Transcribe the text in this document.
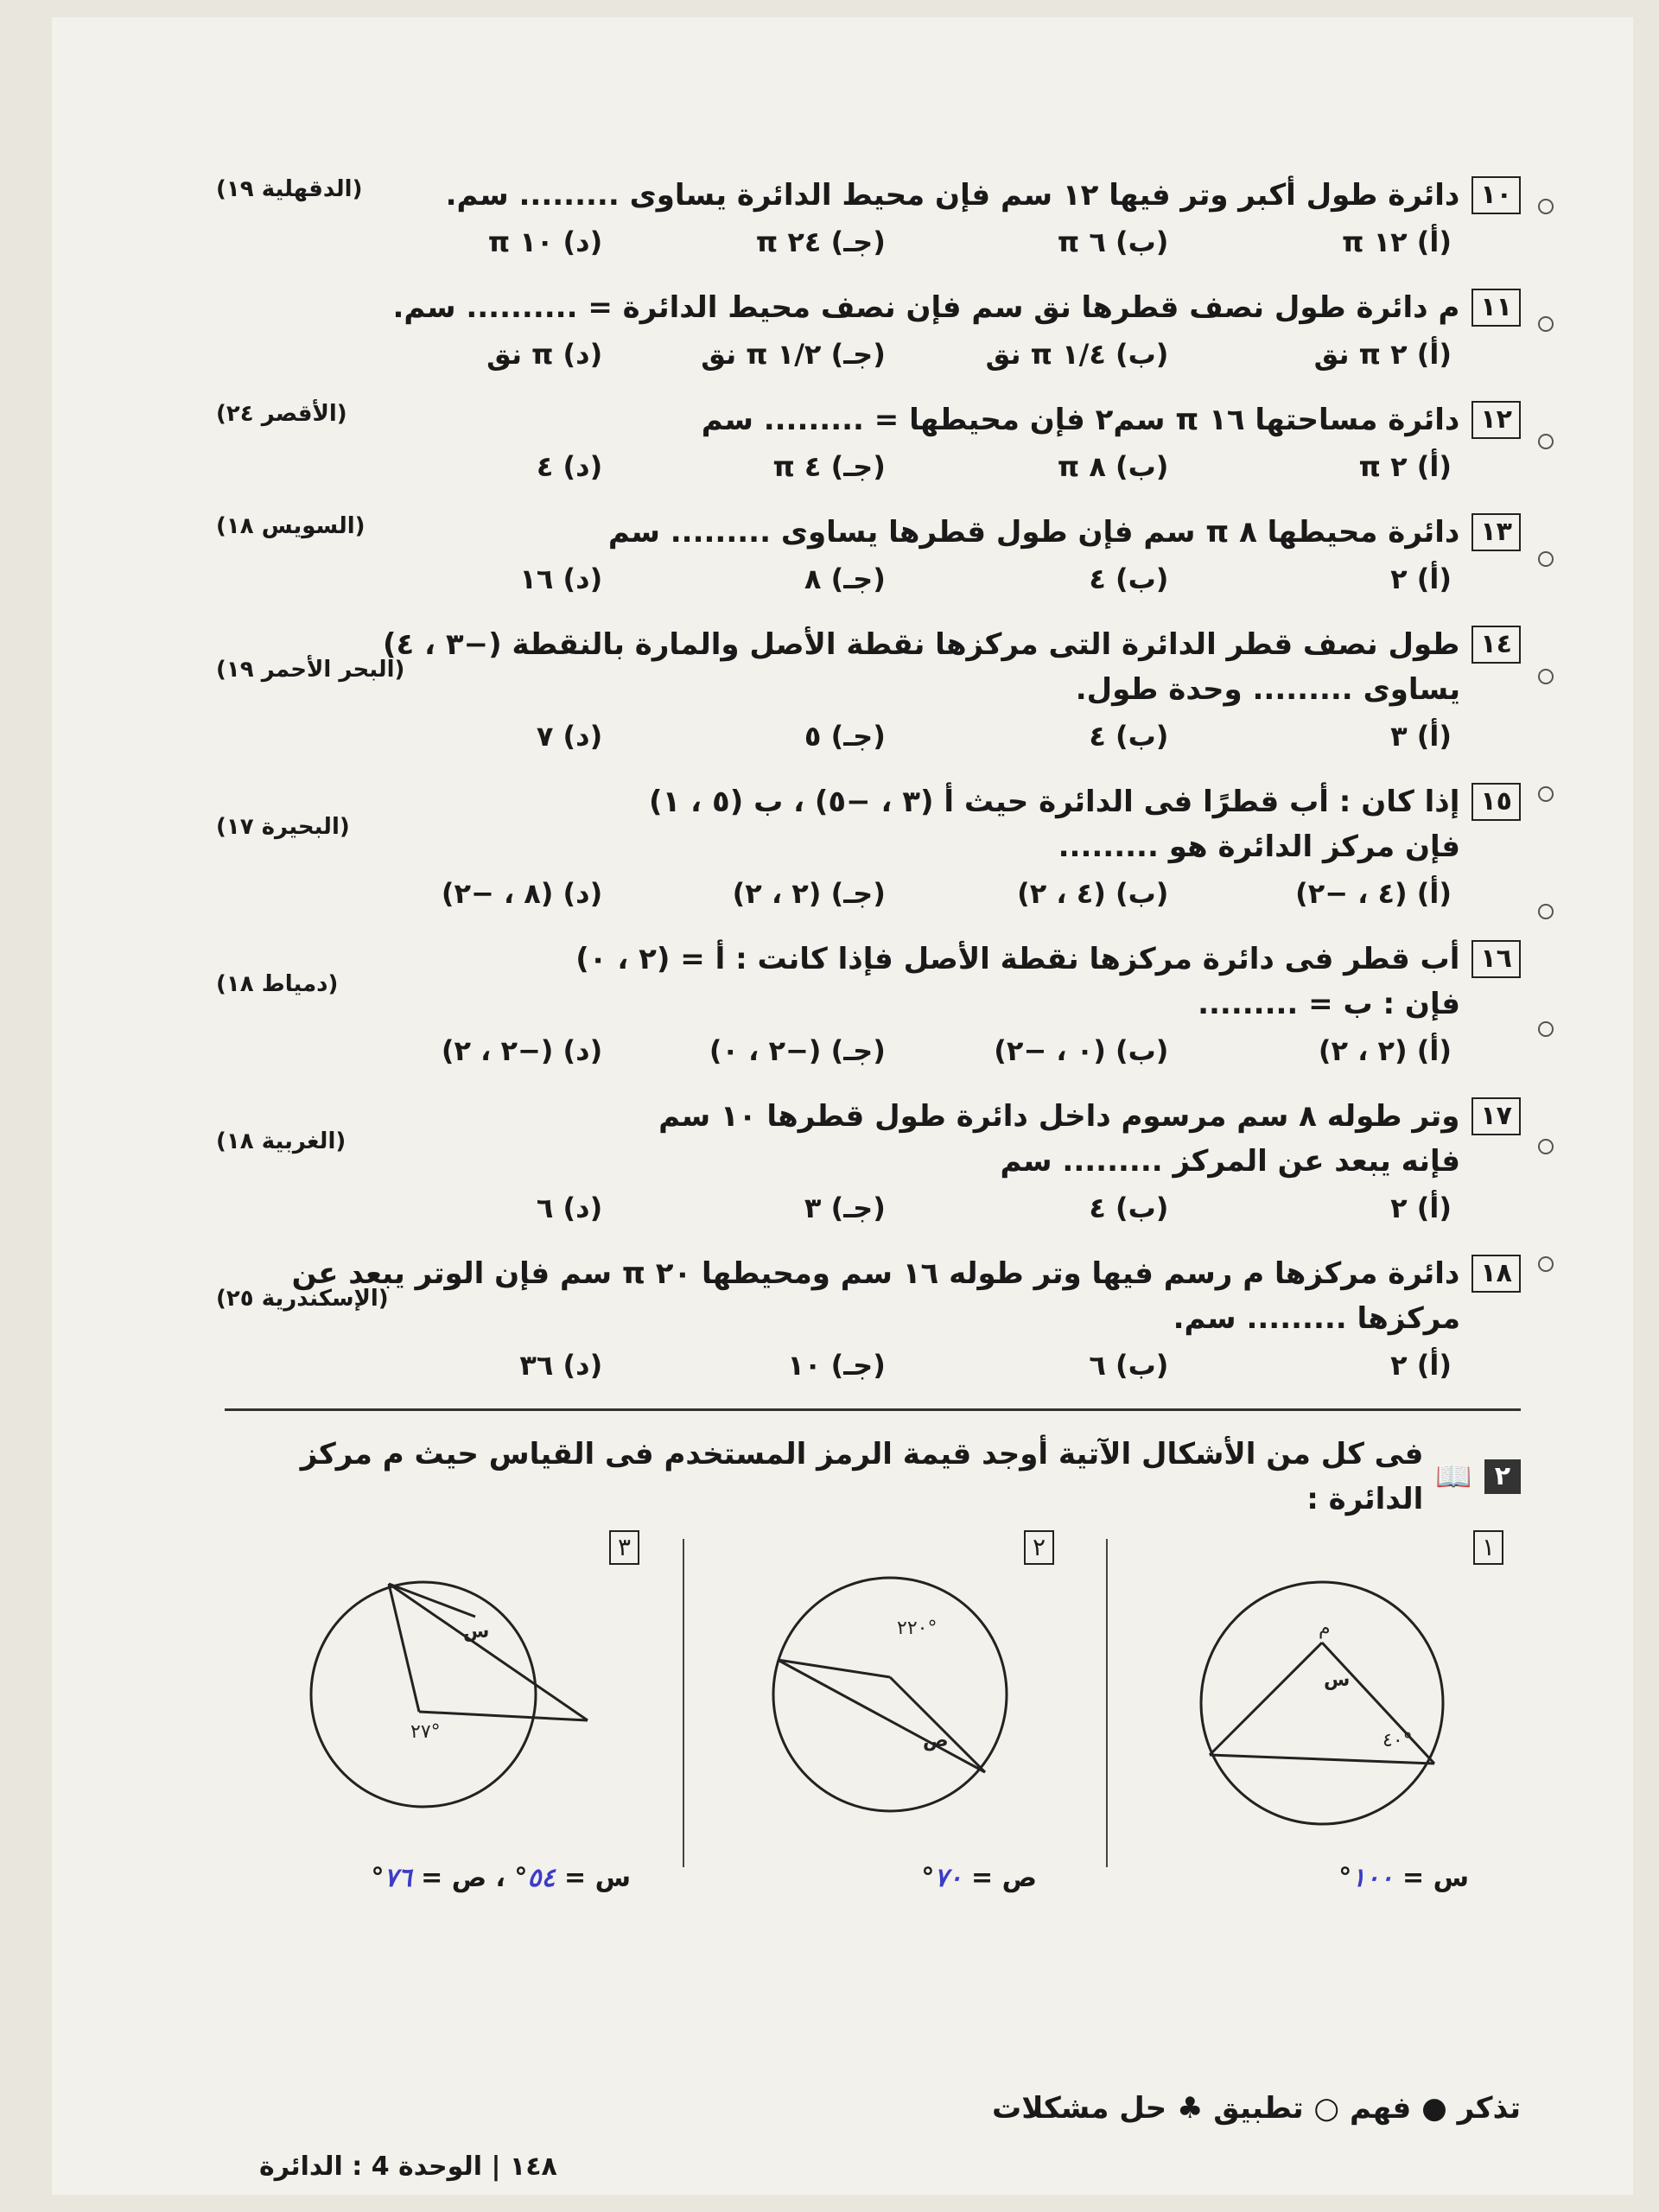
١٠
دائرة طول أكبر وتر فيها ١٢ سم فإن محيط الدائرة يساوى ......... سم.
(الدقهلية ١٩)
(أ) ١٢ π
(ب) ٦ π
(جـ) ٢٤ π
(د) ١٠ π
١١
م دائرة طول نصف قطرها نق سم فإن نصف محيط الدائرة = .......... سم.
(أ) ٢ π نق
(ب) ١/٤ π نق
(جـ) ١/٢ π نق
(د) π نق
١٢
دائرة مساحتها ١٦ π سم٢ فإن محيطها = ......... سم
(الأقصر ٢٤)
(أ) ٢ π
(ب) ٨ π
(جـ) ٤ π
(د) ٤
١٣
دائرة محيطها ٨ π سم فإن طول قطرها يساوى ......... سم
(السويس ١٨)
(أ) ٢
(ب) ٤
(جـ) ٨
(د) ١٦
١٤
طول نصف قطر الدائرة التى مركزها نقطة الأصل والمارة بالنقطة (−٣ ، ٤)
يساوى ......... وحدة طول.
(البحر الأحمر ١٩)
(أ) ٣
(ب) ٤
(جـ) ٥
(د) ٧
١٥
إذا كان : أب قطرًا فى الدائرة حيث أ (٣ ، −٥) ، ب (٥ ، ١)
فإن مركز الدائرة هو .........
(البحيرة ١٧)
(أ) (٤ ، −٢)
(ب) (٤ ، ٢)
(جـ) (٢ ، ٢)
(د) (٨ ، −٢)
١٦
أب قطر فى دائرة مركزها نقطة الأصل فإذا كانت : أ = (٢ ، ٠)
فإن : ب = .........
(دمياط ١٨)
(أ) (٢ ، ٢)
(ب) (٠ ، −٢)
(جـ) (−٢ ، ٠)
(د) (−٢ ، ٢)
١٧
وتر طوله ٨ سم مرسوم داخل دائرة طول قطرها ١٠ سم
فإنه يبعد عن المركز ......... سم
(الغربية ١٨)
(أ) ٢
(ب) ٤
(جـ) ٣
(د) ٦
١٨
دائرة مركزها م رسم فيها وتر طوله ١٦ سم ومحيطها ٢٠ π سم فإن الوتر يبعد عن
مركزها ......... سم.
(الإسكندرية ٢٥)
(أ) ٢
(ب) ٦
(جـ) ١٠
(د) ٣٦
٢
📖
فى كل من الأشكال الآتية أوجد قيمة الرمز المستخدم فى القياس حيث م مركز الدائرة :
١
م
س
٤٠°
س = ١٠٠°
٢
٢٢٠°
ص
ص = ٧٠°
٣
س
٢٧°
س = ٥٤° ، ص = ٧٦°
تذكر ● فهم ○ تطبيق ♣ حل مشكلات
١٤٨ | الوحدة 4 : الدائرة
